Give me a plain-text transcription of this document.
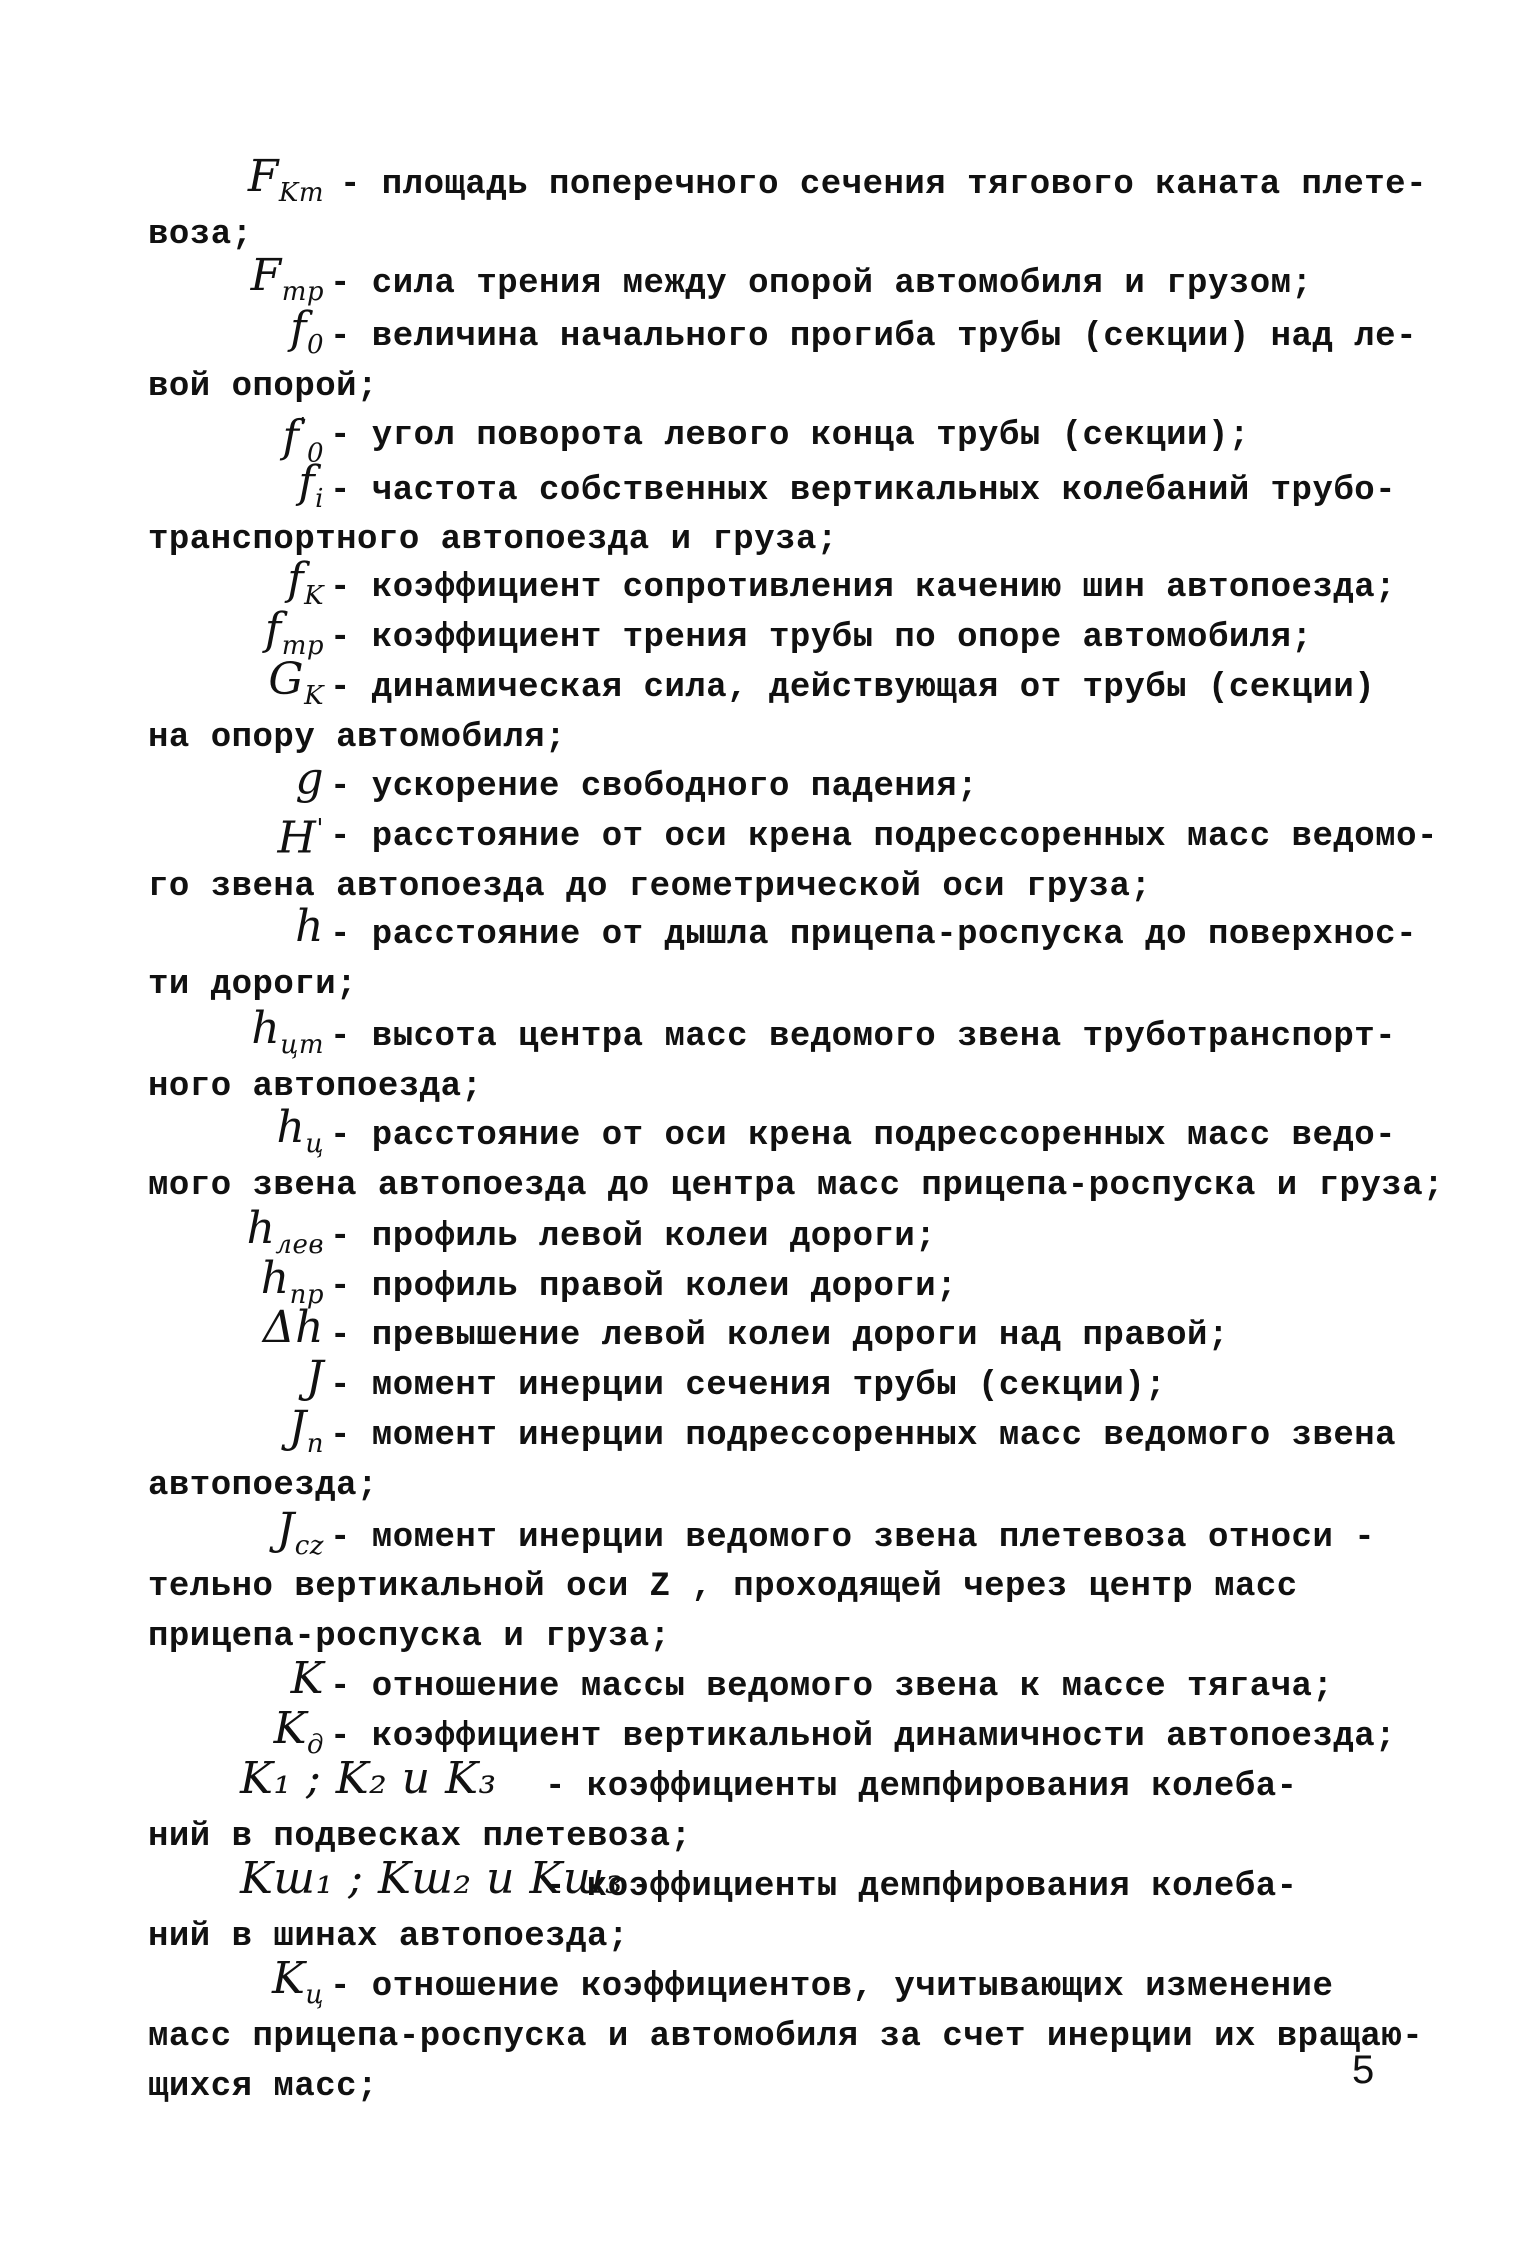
$F_{Kт}$ - площадь поперечного сечения тягового каната плете-
воза;
$F_{тр}$ - сила трения между опорой автомобиля и грузом;
$f_0$ - величина начального прогиба трубы (секции) над ле-
вой опорой;
$f'_0$ - угол поворота левого конца трубы (секции);
$f_i$ - частота собственных вертикальных колебаний трубо-
транспортного автопоезда и груза;
$f_K$ - коэффициент сопротивления качению шин автопоезда;
$f_{тр}$ - коэффициент трения трубы по опоре автомобиля;
$G_K$ - динамическая сила, действующая от трубы (секции)
на опору автомобиля;
g - ускорение свободного падения;
H' - расстояние от оси крена подрессоренных масс ведомо-
го звена автопоезда до геометрической оси груза;
h - расстояние от дышла прицепа-роспуска до поверхнос-
ти дороги;
$h_{цт}$ - высота центра масс ведомого звена труботранспорт-
ного автопоезда;
$h_ц$ - расстояние от оси крена подрессоренных масс ведо-
мого звена автопоезда до центра масс прицепа-роспуска и груза;
$h_{лев}$ - профиль левой колеи дороги;
$h_{пр}$ - профиль правой колеи дороги;
Δh - превышение левой колеи дороги над правой;
J - момент инерции сечения трубы (секции);
$J_п$ - момент инерции подрессоренных масс ведомого звена
автопоезда;
$J_{cz}$ - момент инерции ведомого звена плетевоза относи -
тельно вертикальной оси Z , проходящей через центр масс
прицепа-роспуска и груза;
K - отношение массы ведомого звена к массе тягача;
$K_д$ - коэффициент вертикальной динамичности автопоезда;
K₁ ; K₂ и K₃ - коэффициенты демпфирования колеба-
ний в подвесках плетевоза;
Kш₁ ; Kш₂ и Kш₃
- коэффициенты демпфирования колеба-
ний в шинах автопоезда;
$K_ц$ - отношение коэффициентов, учитывающих изменение
масс прицепа-роспуска и автомобиля за счет инерции их вращаю-
щихся масс;	5
